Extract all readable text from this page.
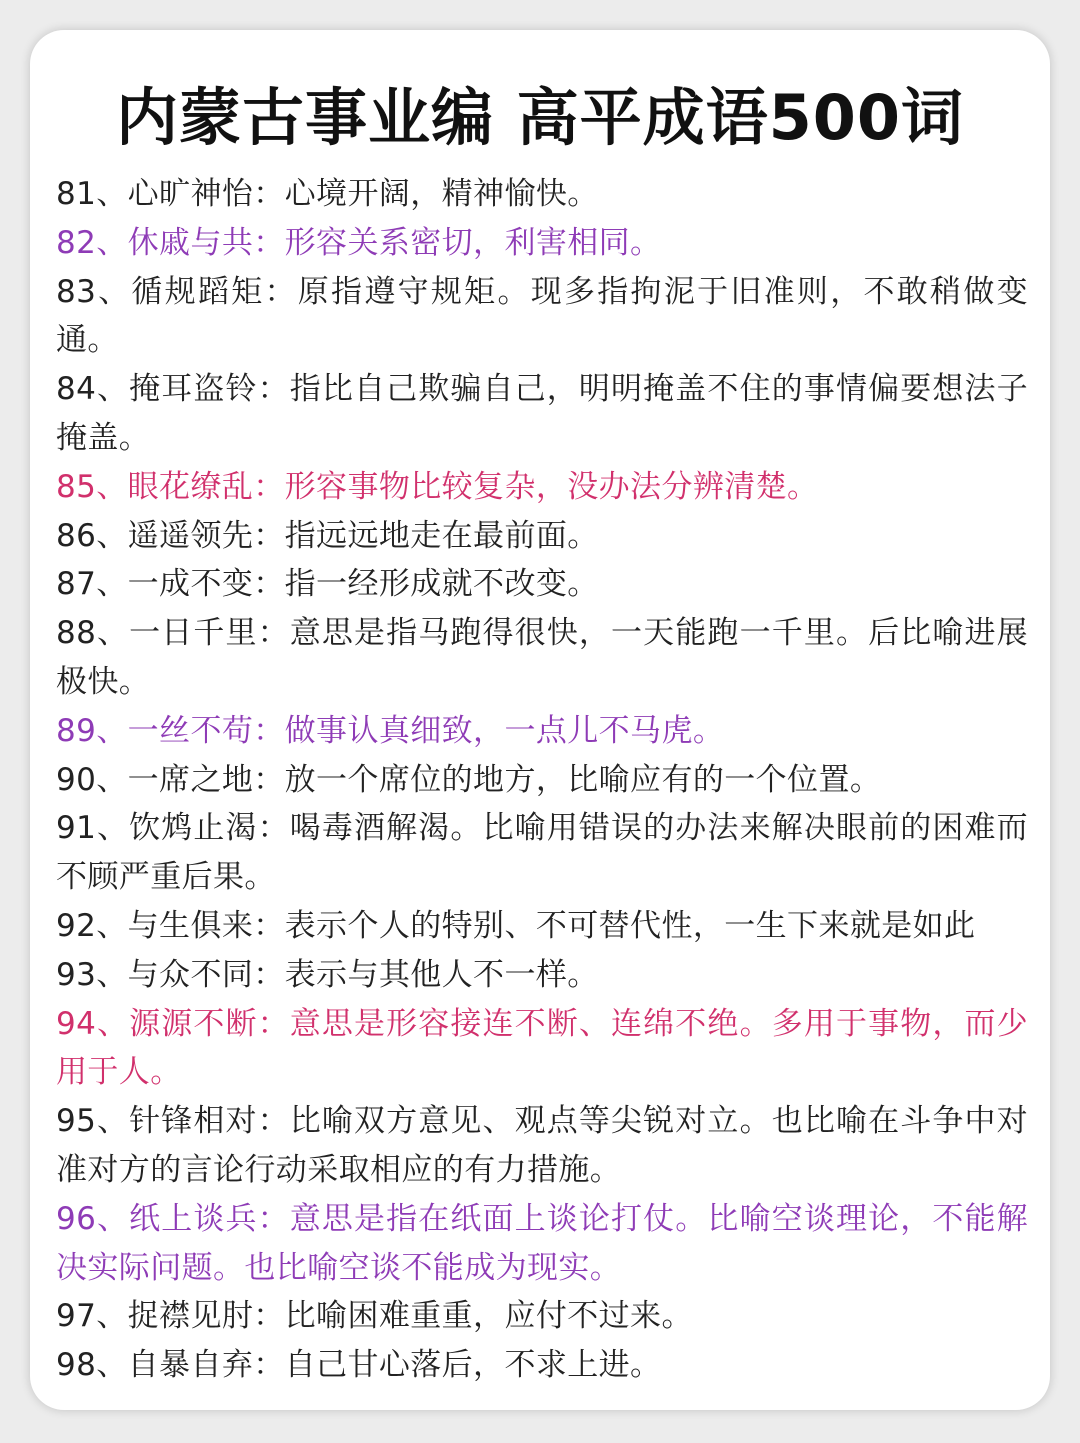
内蒙古事业编 高平成语500词
81、心旷神怡：心境开阔，精神愉快。
82、休戚与共：形容关系密切，利害相同。
83、循规蹈矩：原指遵守规矩。现多指拘泥于旧准则，不敢稍做变通。
84、掩耳盗铃：指比自己欺骗自己，明明掩盖不住的事情偏要想法子掩盖。
85、眼花缭乱：形容事物比较复杂，没办法分辨清楚。
86、遥遥领先：指远远地走在最前面。
87、一成不变：指一经形成就不改变。
88、一日千里：意思是指马跑得很快，一天能跑一千里。后比喻进展极快。
89、一丝不苟：做事认真细致，一点儿不马虎。
90、一席之地：放一个席位的地方，比喻应有的一个位置。
91、饮鸩止渴：喝毒酒解渴。比喻用错误的办法来解决眼前的困难而不顾严重后果。
92、与生俱来：表示个人的特别、不可替代性，一生下来就是如此
93、与众不同：表示与其他人不一样。
94、源源不断：意思是形容接连不断、连绵不绝。多用于事物，而少用于人。
95、针锋相对：比喻双方意见、观点等尖锐对立。也比喻在斗争中对准对方的言论行动采取相应的有力措施。
96、纸上谈兵：意思是指在纸面上谈论打仗。比喻空谈理论，不能解决实际问题。也比喻空谈不能成为现实。
97、捉襟见肘：比喻困难重重，应付不过来。
98、自暴自弃：自己甘心落后，不求上进。
